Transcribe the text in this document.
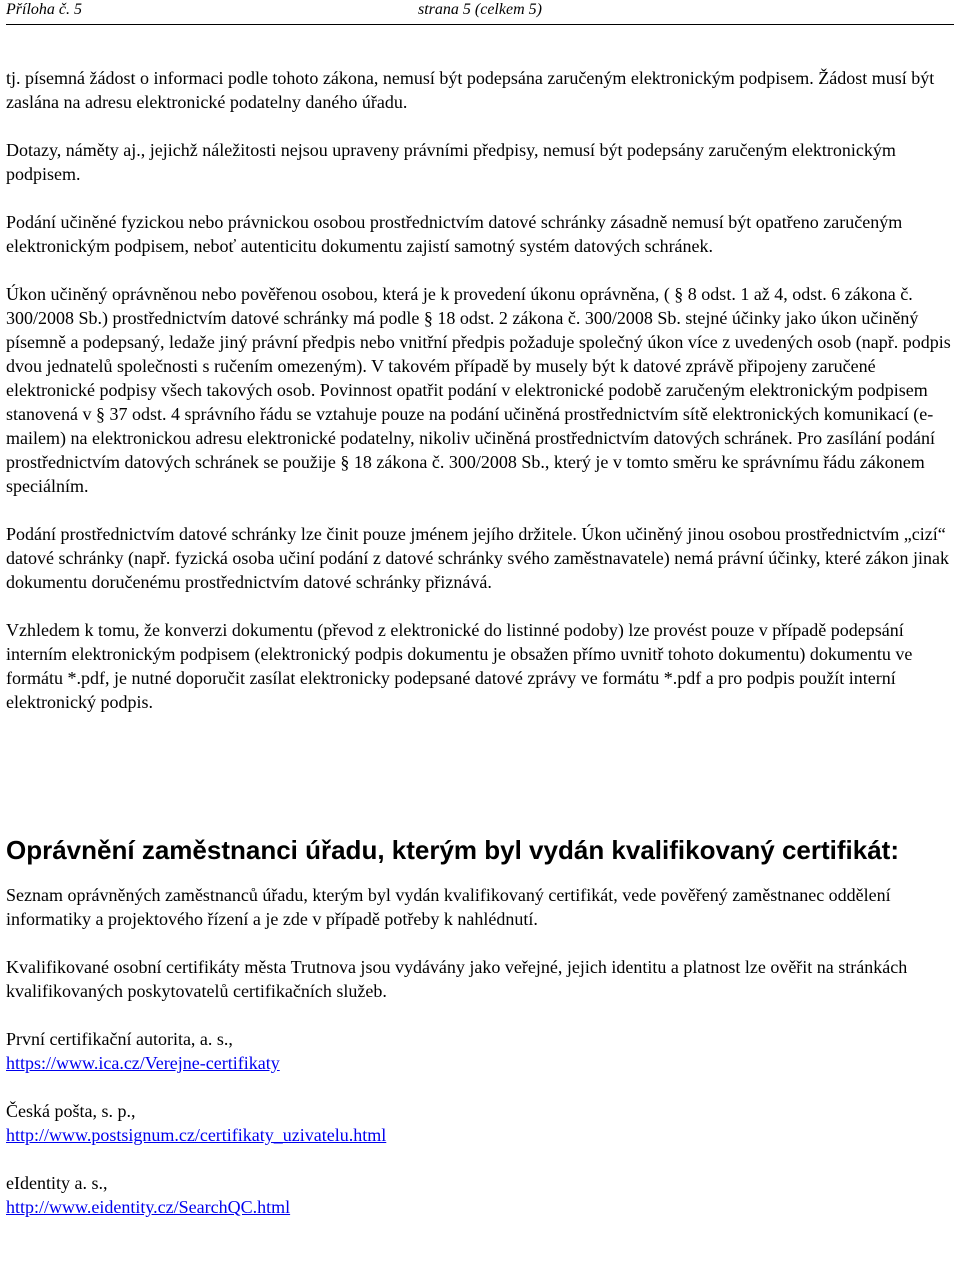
Příloha č. 5	strana 5 (celkem 5)

tj. písemná žádost o informaci podle tohoto zákona, nemusí být podepsána zaručeným elektronickým podpisem. Žádost musí být zaslána na adresu elektronické podatelny daného úřadu.

Dotazy, náměty aj., jejichž náležitosti nejsou upraveny právními předpisy, nemusí být podepsány zaručeným elektronickým podpisem.

Podání učiněné fyzickou nebo právnickou osobou prostřednictvím datové schránky zásadně nemusí být opatřeno zaručeným elektronickým podpisem, neboť autenticitu dokumentu zajistí samotný systém datových schránek.

Úkon učiněný oprávněnou nebo pověřenou osobou, která je k provedení úkonu oprávněna, ( § 8 odst. 1 až 4, odst. 6 zákona č. 300/2008 Sb.) prostřednictvím datové schránky má podle § 18 odst. 2 zákona č. 300/2008 Sb. stejné účinky jako úkon učiněný písemně a podepsaný, ledaže jiný právní předpis nebo vnitřní předpis požaduje společný úkon více z uvedených osob (např. podpis dvou jednatelů společnosti s ručením omezeným). V takovém případě by musely být k datové zprávě připojeny zaručené elektronické podpisy všech takových osob. Povinnost opatřit podání v elektronické podobě zaručeným elektronickým podpisem stanovená v § 37 odst. 4 správního řádu se vztahuje pouze na podání učiněná prostřednictvím sítě elektronických komunikací (e-mailem) na elektronickou adresu elektronické podatelny, nikoliv učiněná prostřednictvím datových schránek. Pro zasílání podání prostřednictvím datových schránek se použije § 18 zákona č. 300/2008 Sb., který je v tomto směru ke správnímu řádu zákonem speciálním.

Podání prostřednictvím datové schránky lze činit pouze jménem jejího držitele. Úkon učiněný jinou osobou prostřednictvím „cizí“ datové schránky (např. fyzická osoba učiní podání z datové schránky svého zaměstnavatele) nemá právní účinky, které zákon jinak dokumentu doručenému prostřednictvím datové schránky přiznává.

Vzhledem k tomu, že konverzi dokumentu (převod z elektronické do listinné podoby) lze provést pouze v případě podepsání interním elektronickým podpisem (elektronický podpis dokumentu je obsažen přímo uvnitř tohoto dokumentu) dokumentu ve formátu *.pdf, je nutné doporučit zasílat elektronicky podepsané datové zprávy ve formátu *.pdf a pro podpis použít interní elektronický podpis.

Oprávnění zaměstnanci úřadu, kterým byl vydán kvalifikovaný certifikát:

Seznam oprávněných zaměstnanců úřadu, kterým byl vydán kvalifikovaný certifikát, vede pověřený zaměstnanec oddělení informatiky a projektového řízení a je zde v případě potřeby k nahlédnutí.

Kvalifikované osobní certifikáty města Trutnova jsou vydávány jako veřejné, jejich identitu a platnost lze ověřit na stránkách kvalifikovaných poskytovatelů certifikačních služeb.

První certifikační autorita, a. s.,
https://www.ica.cz/Verejne-certifikaty
Česká pošta, s. p.,
http://www.postsignum.cz/certifikaty_uzivatelu.html
eIdentity a. s.,
http://www.eidentity.cz/SearchQC.html
